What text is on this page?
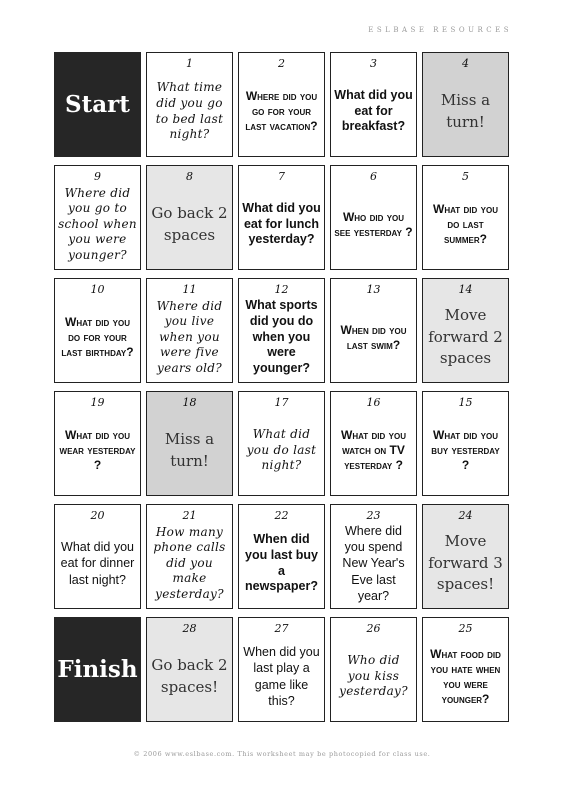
ESLBASE RESOURCES
Start
1
What time did you go to bed last night?
2
Where did you go for your last vacation?
3
What did you eat for breakfast?
4
Miss a turn!
9
Where did you go to school when you were younger?
8
Go back 2 spaces
7
What did you eat for lunch yesterday?
6
Who did you see yesterday ?
5
What did you do last summer?
10
What did you do for your last birthday?
11
Where did you live when you were five years old?
12
What sports did you do when you were younger?
13
When did you last swim?
14
Move forward 2 spaces
19
What did you wear yesterday ?
18
Miss a turn!
17
What did you do last night?
16
What did you watch on TV yesterday ?
15
What did you buy yesterday ?
20
What did you eat for dinner last night?
21
How many phone calls did you make yesterday?
22
When did you last buy a newspaper?
23
Where did you spend New Year's Eve last year?
24
Move forward 3 spaces!
Finish
28
Go back 2 spaces!
27
When did you last play a game like this?
26
Who did you kiss yesterday?
25
What food did you hate when you were younger?
© 2006 www.eslbase.com. This worksheet may be photocopied for class use.
